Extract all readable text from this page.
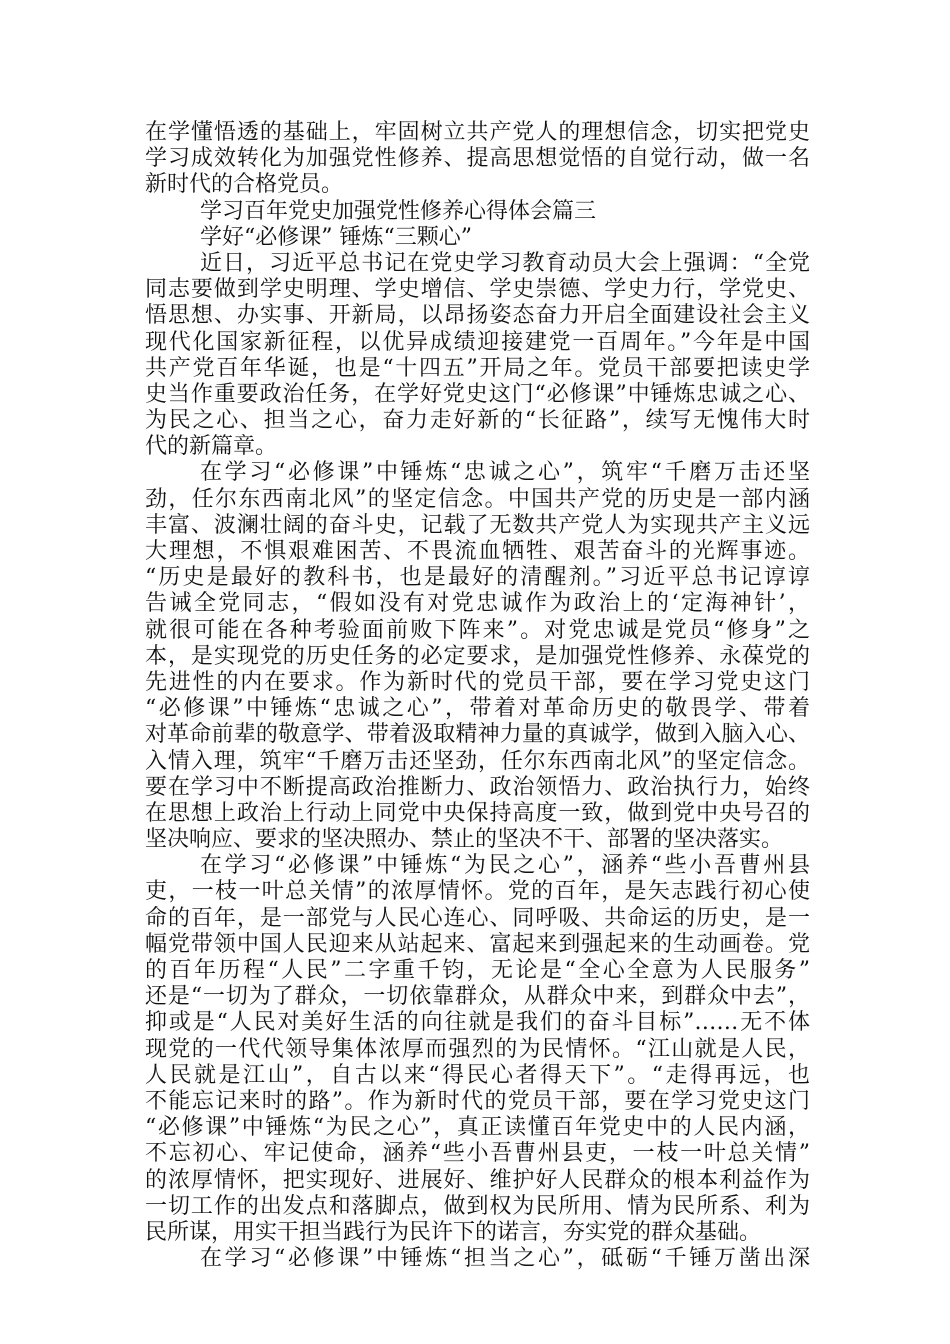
在学懂悟透的基础上，牢固树立共产党人的理想信念，切实把党史
学习成效转化为加强党性修养、提高思想觉悟的自觉行动，做一名
新时代的合格党员。
学习百年党史加强党性修养心得体会篇三
学好“必修课” 锤炼“三颗心”
近日，习近平总书记在党史学习教育动员大会上强调：“全党
同志要做到学史明理、学史增信、学史崇德、学史力行，学党史、
悟思想、办实事、开新局，以昂扬姿态奋力开启全面建设社会主义
现代化国家新征程，以优异成绩迎接建党一百周年。”今年是中国
共产党百年华诞，也是“十四五”开局之年。党员干部要把读史学
史当作重要政治任务，在学好党史这门“必修课”中锤炼忠诚之心、
为民之心、担当之心，奋力走好新的“长征路”，续写无愧伟大时
代的新篇章。
在学习“必修课”中锤炼“忠诚之心”，筑牢“千磨万击还坚
劲，任尔东西南北风”的坚定信念。中国共产党的历史是一部内涵
丰富、波澜壮阔的奋斗史，记载了无数共产党人为实现共产主义远
大理想，不惧艰难困苦、不畏流血牺牲、艰苦奋斗的光辉事迹。
“历史是最好的教科书，也是最好的清醒剂。”习近平总书记谆谆
告诫全党同志，“假如没有对党忠诚作为政治上的‘定海神针’，
就很可能在各种考验面前败下阵来”。对党忠诚是党员“修身”之
本，是实现党的历史任务的必定要求，是加强党性修养、永葆党的
先进性的内在要求。作为新时代的党员干部，要在学习党史这门
“必修课”中锤炼“忠诚之心”，带着对革命历史的敬畏学、带着
对革命前辈的敬意学、带着汲取精神力量的真诚学，做到入脑入心、
入情入理，筑牢“千磨万击还坚劲，任尔东西南北风”的坚定信念。
要在学习中不断提高政治推断力、政治领悟力、政治执行力，始终
在思想上政治上行动上同党中央保持高度一致，做到党中央号召的
坚决响应、要求的坚决照办、禁止的坚决不干、部署的坚决落实。
在学习“必修课”中锤炼“为民之心”，涵养“些小吾曹州县
吏，一枝一叶总关情”的浓厚情怀。党的百年，是矢志践行初心使
命的百年，是一部党与人民心连心、同呼吸、共命运的历史，是一
幅党带领中国人民迎来从站起来、富起来到强起来的生动画卷。党
的百年历程“人民”二字重千钧，无论是“全心全意为人民服务”
还是“一切为了群众，一切依靠群众，从群众中来，到群众中去”，
抑或是“人民对美好生活的向往就是我们的奋斗目标”……无不体
现党的一代代领导集体浓厚而强烈的为民情怀。“江山就是人民，
人民就是江山”，自古以来“得民心者得天下”。“走得再远，也
不能忘记来时的路”。作为新时代的党员干部，要在学习党史这门
“必修课”中锤炼“为民之心”，真正读懂百年党史中的人民内涵，
不忘初心、牢记使命，涵养“些小吾曹州县吏，一枝一叶总关情”
的浓厚情怀，把实现好、进展好、维护好人民群众的根本利益作为
一切工作的出发点和落脚点，做到权为民所用、情为民所系、利为
民所谋，用实干担当践行为民许下的诺言，夯实党的群众基础。
在学习“必修课”中锤炼“担当之心”，砥砺“千锤万凿出深
